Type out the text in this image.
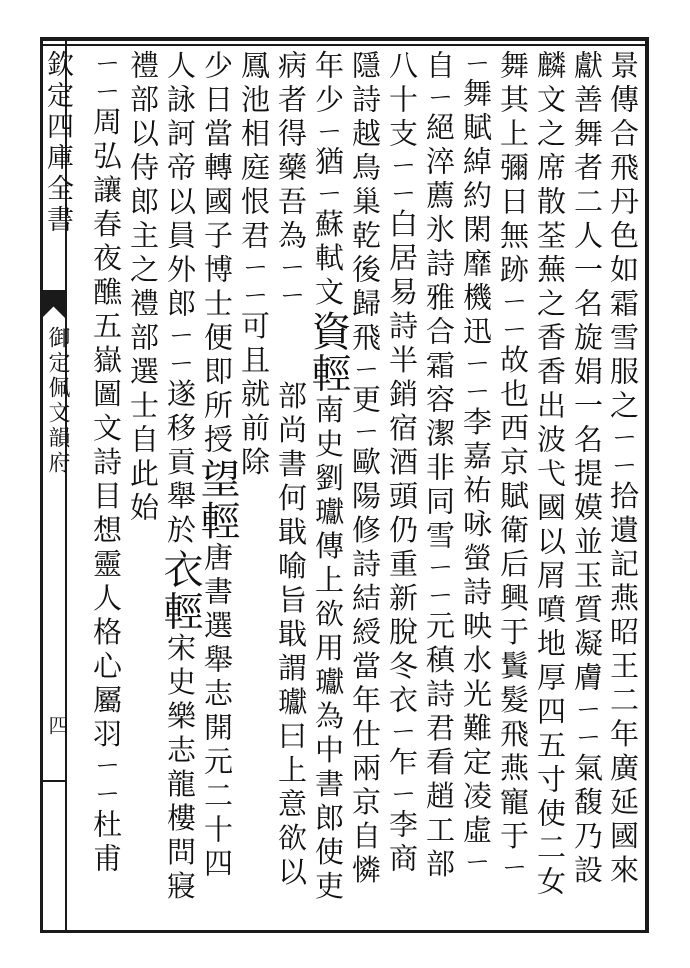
欽定四庫全書
御定佩文韻府
四	景傳合飛丹色如霜雪服之ㄧㄧ拾遺記燕昭王二年廣延國來
獻善舞者二人一名旋娟一名提嫫並玉質凝膚ㄧㄧ氣馥乃設
麟文之席散荃蕪之香香出波弋國以屑噴地厚四五寸使二女
舞其上彌日無跡ㄧㄧ故也西京賦衛后興于鬒髮飛燕寵于ㄧ
ㄧ舞賦綽約閑靡機迅ㄧㄧ李嘉祐咏螢詩映水光難定凌虛ㄧ
自ㄧ絕淬薦氷詩雅合霜容潔非同雪ㄧㄧ元稹詩君看趙工部
八十支ㄧㄧ白居易詩半銷宿酒頭仍重新脫冬衣ㄧ乍ㄧ李商
隱詩越鳥巢乾後歸飛ㄧ更ㄧ歐陽修詩結綬當年仕兩京自憐
年少ㄧ猶ㄧ蘇軾文資輕南史劉瓛傳上欲用瓛為中書郎使吏
病者得藥吾為ㄧㄧ部尚書何戢喻旨戢謂瓛曰上意欲以
鳳池相庭恨君ㄧㄧ可且就前除
少日當轉國子博士便即所授望輕唐書選舉志開元二十四
人詠訶帝以員外郎ㄧㄧ遂移貢舉於衣輕宋史樂志龍樓問寢
禮部以侍郎主之禮部選士自此始
ㄧㄧ周弘讓春夜醮五嶽圖文詩目想靈人格心屬羽ㄧㄧ杜甫
